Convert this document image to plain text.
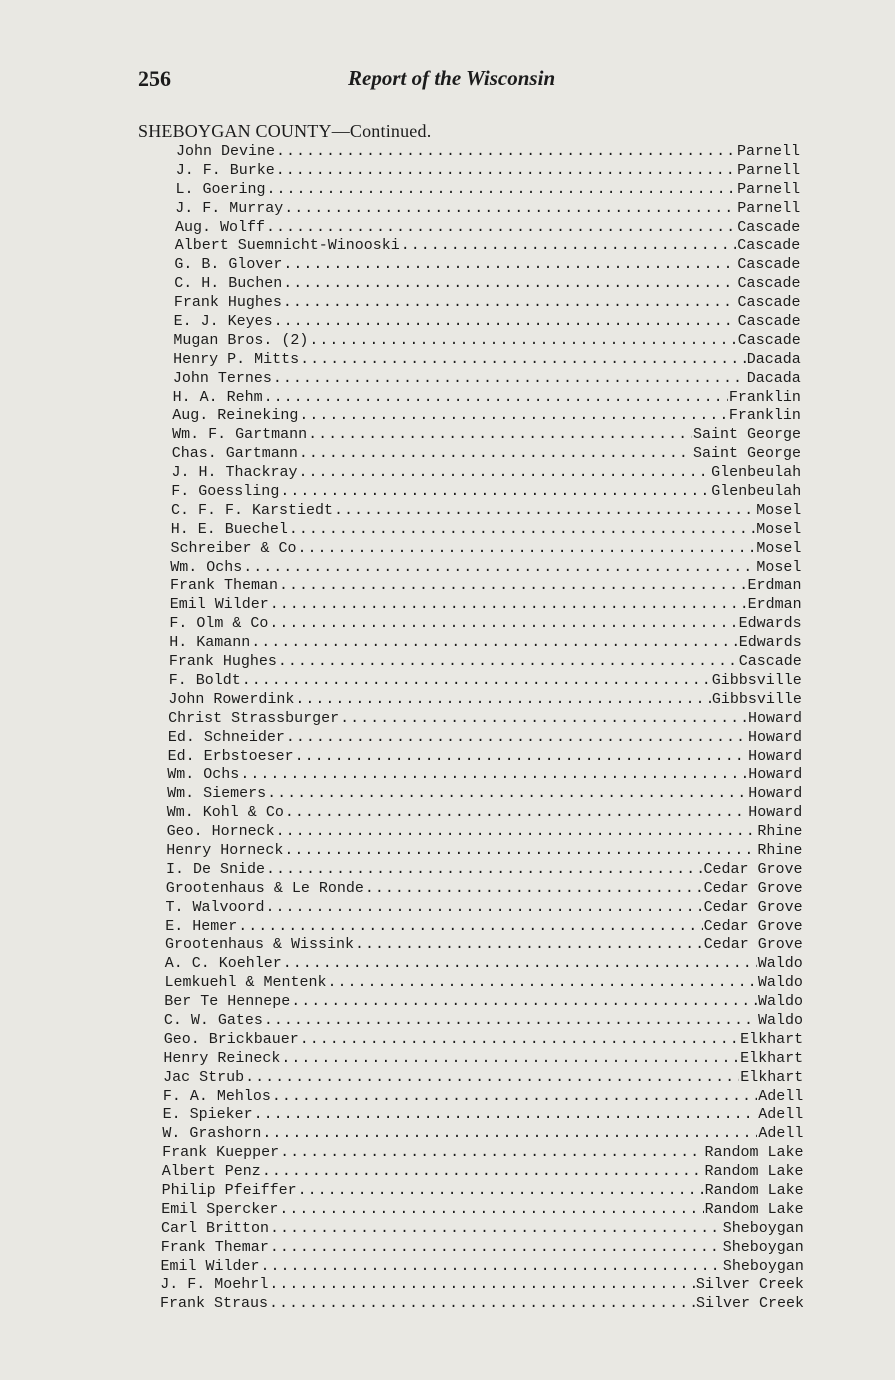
256	Report of the Wisconsin
SHEBOYGAN COUNTY—Continued.
John Devine .....	Parnell
J. F. Burke .....	Parnell
L. Goering .....	Parnell
J. F. Murray .....	Parnell
Aug. Wolff .....	Cascade
Albert Suemnicht-Winooski .....	Cascade
G. B. Glover .....	Cascade
C. H. Buchen .....	Cascade
Frank Hughes .....	Cascade
E. J. Keyes .....	Cascade
Mugan Bros. (2) .....	Cascade
Henry P. Mitts .....	Dacada
John Ternes .....	Dacada
H. A. Rehm .....	Franklin
Aug. Reineking .....	Franklin
Wm. F. Gartmann .....	Saint George
Chas. Gartmann .....	Saint George
J. H. Thackray .....	Glenbeulah
F. Goessling .....	Glenbeulah
C. F. F. Karstiedt .....	Mosel
H. E. Buechel .....	Mosel
Schreiber & Co .....	Mosel
Wm. Ochs .....	Mosel
Frank Theman .....	Erdman
Emil Wilder .....	Erdman
F. Olm & Co .....	Edwards
H. Kamann .....	Edwards
Frank Hughes .....	Cascade
F. Boldt .....	Gibbsville
John Rowerdink .....	Gibbsville
Christ Strassburger .....	Howard
Ed. Schneider .....	Howard
Ed. Erbstoeser .....	Howard
Wm. Ochs .....	Howard
Wm. Siemers .....	Howard
Wm. Kohl & Co .....	Howard
Geo. Horneck .....	Rhine
Henry Horneck .....	Rhine
I. De Snide .....	Cedar Grove
Grootenhaus & Le Ronde .....	Cedar Grove
T. Walvoord .....	Cedar Grove
E. Hemer .....	Cedar Grove
Grootenhaus & Wissink .....	Cedar Grove
A. C. Koehler .....	Waldo
Lemkuehl & Mentenk .....	Waldo
Ber Te Hennepe .....	Waldo
C. W. Gates .....	Waldo
Geo. Brickbauer .....	Elkhart
Henry Reineck .....	Elkhart
Jac Strub .....	Elkhart
F. A. Mehlos .....	Adell
E. Spieker .....	Adell
W. Grashorn .....	Adell
Frank Kuepper .....	Random Lake
Albert Penz .....	Random Lake
Philip Pfeiffer .....	Random Lake
Emil Spercker .....	Random Lake
Carl Britton .....	Sheboygan
Frank Themar .....	Sheboygan
Emil Wilder .....	Sheboygan
J. F. Moehrl .....	Silver Creek
Frank Straus .....	Silver Creek
